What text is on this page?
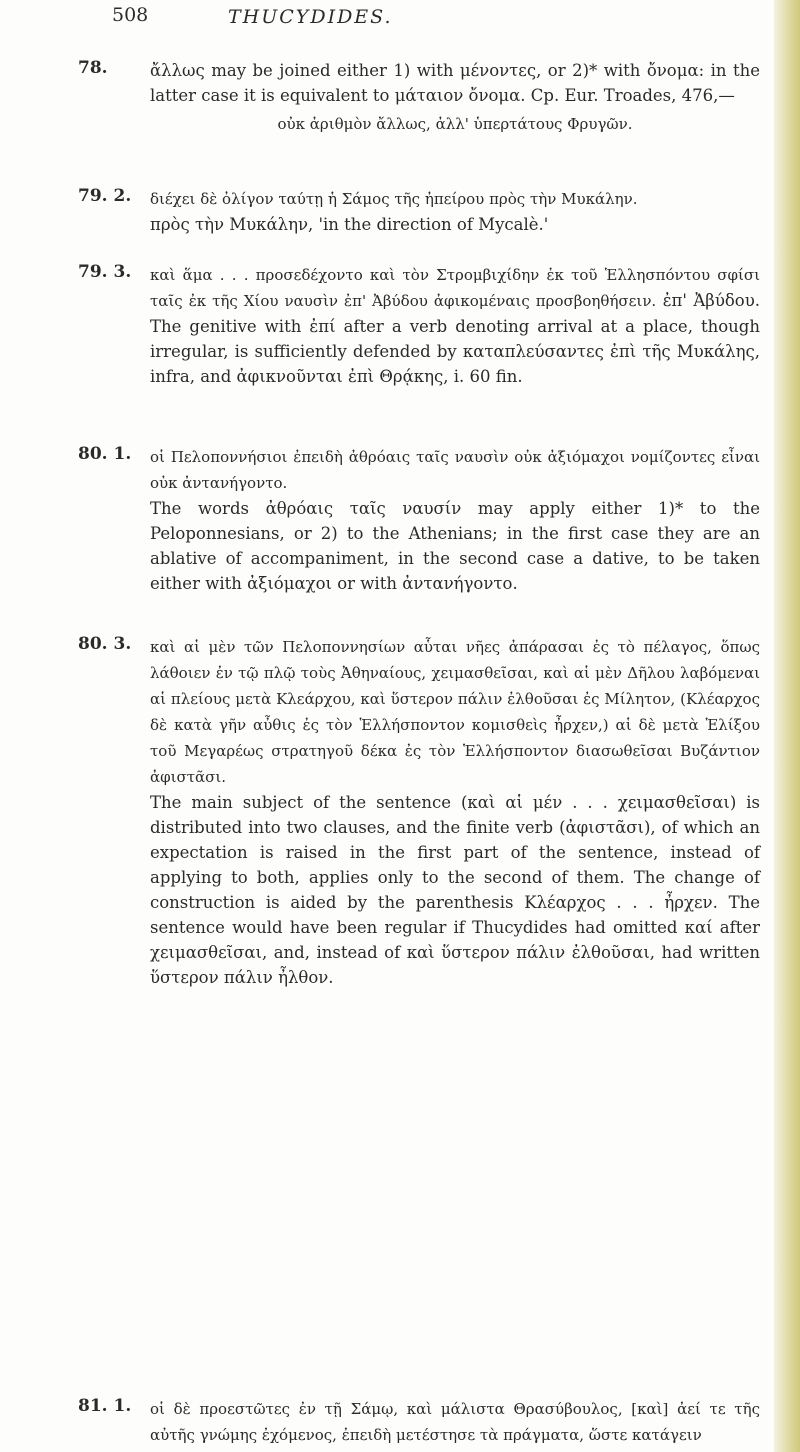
508	THUCYDIDES.
78.	ἄλλως may be joined either 1) with μένοντες, or 2)* with ὄνομα: in the latter case it is equivalent to μάταιον ὄνομα. Cp. Eur. Troades, 476,—
οὐκ ἀριθμὸν ἄλλως, ἀλλ' ὑπερτάτους Φρυγῶν.
79. 2. διέχει δὲ ὀλίγον ταύτῃ ἡ Σάμος τῆς ἠπείρου πρὸς τὴν Μυκάλην.
πρὸς τὴν Μυκάλην, 'in the direction of Mycalè.'
79. 3. καὶ ἅμα . . . προσεδέχοντο καὶ τὸν Στρομβιχίδην ἐκ τοῦ Ἑλλησπόντου σφίσι ταῖς ἐκ τῆς Χίου ναυσὶν ἐπ' Ἀβύδου ἀφικομέναις προσβοηθήσειν. ἐπ' Ἀβύδου. The genitive with ἐπί after a verb denoting arrival at a place, though irregular, is sufficiently defended by καταπλεύσαντες ἐπὶ τῆς Μυκάλης, infra, and ἀφικνοῦνται ἐπὶ Θρᾴκης, i. 60 fin.
80. 1. οἱ Πελοποννήσιοι ἐπειδὴ ἀθρόαις ταῖς ναυσὶν οὐκ ἀξιόμαχοι νομίζοντες εἶναι οὐκ ἀντανήγοντο.
The words ἀθρόαις ταῖς ναυσίν may apply either 1)* to the Peloponnesians, or 2) to the Athenians; in the first case they are an ablative of accompaniment, in the second case a dative, to be taken either with ἀξιόμαχοι or with ἀντανήγοντο.
80. 3. καὶ αἱ μὲν τῶν Πελοποννησίων αὗται νῆες ἀπάρασαι ἐς τὸ πέλαγος, ὅπως λάθοιεν ἐν τῷ πλῷ τοὺς Ἀθηναίους, χειμασθεῖσαι, καὶ αἱ μὲν Δῆλου λαβόμεναι αἱ πλείους μετὰ Κλεάρχου, καὶ ὕστερον πάλιν ἐλθοῦσαι ἐς Μίλητον, (Κλέαρχος δὲ κατὰ γῆν αὖθις ἐς τὸν Ἑλλήσποντον κομισθεὶς ἦρχεν,) αἱ δὲ μετὰ Ἑλίξου τοῦ Μεγαρέως στρατηγοῦ δέκα ἐς τὸν Ἑλλήσποντον διασωθεῖσαι Βυζάντιον ἀφιστᾶσι.
The main subject of the sentence (καὶ αἱ μέν . . . χειμασθεῖσαι) is distributed into two clauses, and the finite verb (ἀφιστᾶσι), of which an expectation is raised in the first part of the sentence, instead of applying to both, applies only to the second of them. The change of construction is aided by the parenthesis Κλέαρχος . . . ἦρχεν. The sentence would have been regular if Thucydides had omitted καί after χειμασθεῖσαι, and, instead of καὶ ὕστερον πάλιν ἐλθοῦσαι, had written ὕστερον πάλιν ἦλθον.
81. 1. οἱ δὲ προεστῶτες ἐν τῇ Σάμῳ, καὶ μάλιστα Θρασύβουλος, [καὶ] ἀεί τε τῆς αὐτῆς γνώμης ἐχόμενος, ἐπειδὴ μετέστησε τὰ πράγματα, ὥστε κατάγειν
